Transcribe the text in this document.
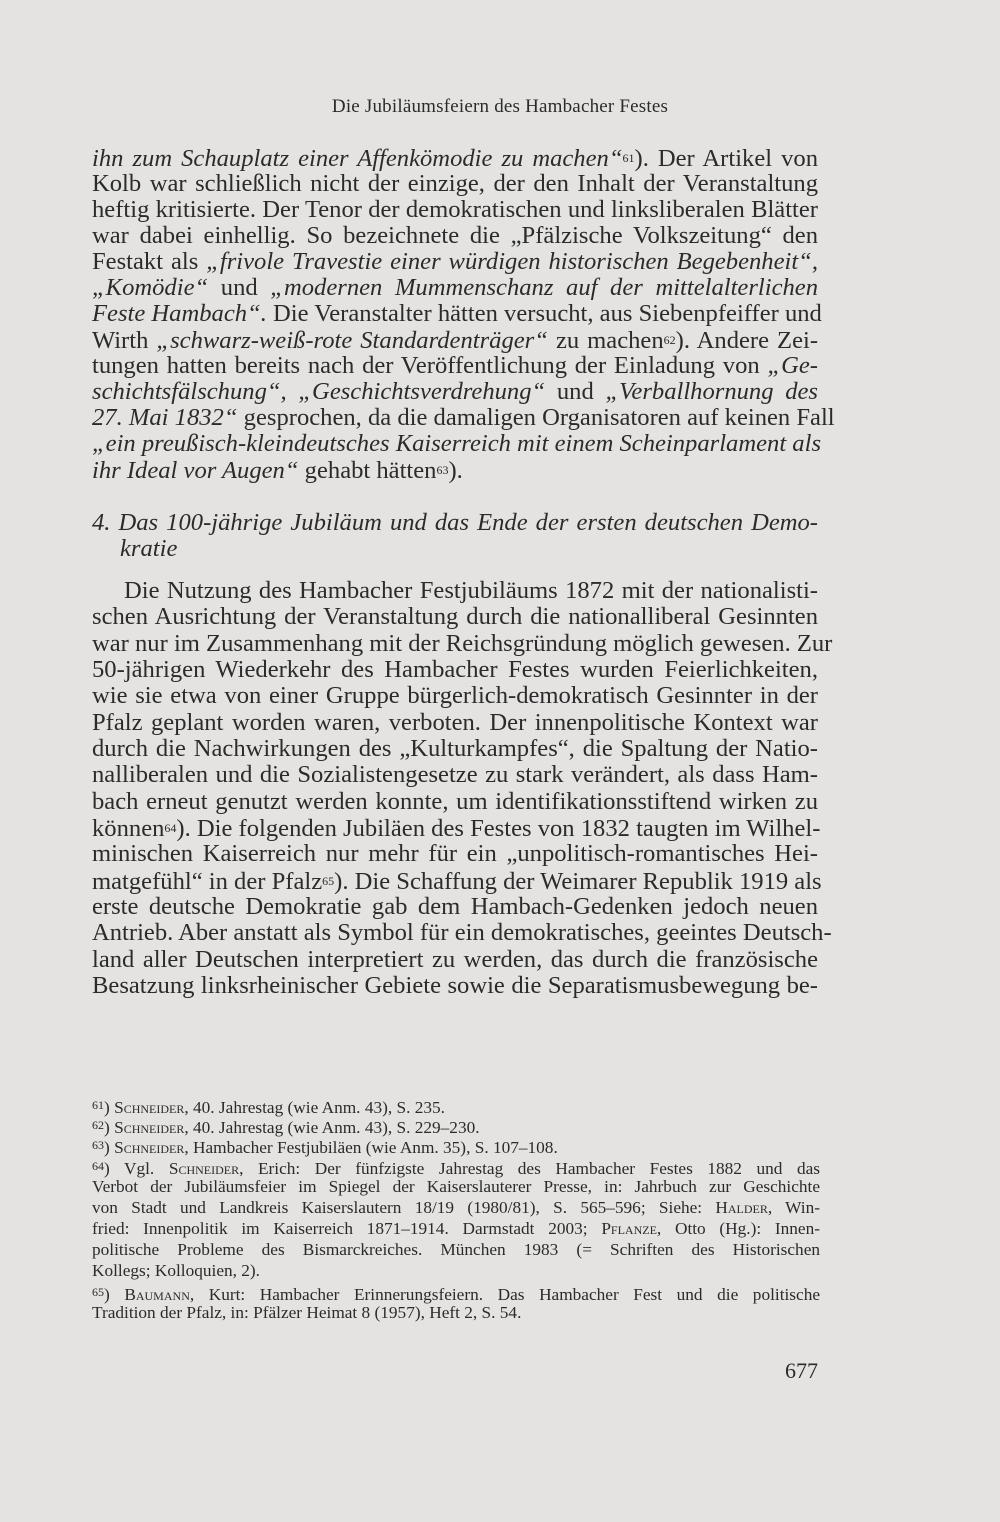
Die Jubiläumsfeiern des Hambacher Festes
ihn zum Schauplatz einer Affenkömodie zu machen“$^{61}$). Der Artikel von
Kolb war schließlich nicht der einzige, der den Inhalt der Veranstaltung
heftig kritisierte. Der Tenor der demokratischen und linksliberalen Blätter
war dabei einhellig. So bezeichnete die „Pfälzische Volkszeitung“ den
Festakt als „frivole Travestie einer würdigen historischen Begebenheit“,
„Komödie“ und „modernen Mummenschanz auf der mittelalterlichen
Feste Hambach“. Die Veranstalter hätten versucht, aus Siebenpfeiffer und
Wirth „schwarz-weiß-rote Standardenträger“ zu machen$^{62}$). Andere Zei-
tungen hatten bereits nach der Veröffentlichung der Einladung von „Ge-
schichtsfälschung“, „Geschichtsverdrehung“ und „Verballhornung des
27. Mai 1832“ gesprochen, da die damaligen Organisatoren auf keinen Fall
„ein preußisch-kleindeutsches Kaiserreich mit einem Scheinparlament als
ihr Ideal vor Augen“ gehabt hätten$^{63}$).
4. Das 100-jährige Jubiläum und das Ende der ersten deutschen Demo-
kratie
Die Nutzung des Hambacher Festjubiläums 1872 mit der nationalisti-
schen Ausrichtung der Veranstaltung durch die nationalliberal Gesinnten
war nur im Zusammenhang mit der Reichsgründung möglich gewesen. Zur
50-jährigen Wiederkehr des Hambacher Festes wurden Feierlichkeiten,
wie sie etwa von einer Gruppe bürgerlich-demokratisch Gesinnter in der
Pfalz geplant worden waren, verboten. Der innenpolitische Kontext war
durch die Nachwirkungen des „Kulturkampfes“, die Spaltung der Natio-
nalliberalen und die Sozialistengesetze zu stark verändert, als dass Ham-
bach erneut genutzt werden konnte, um identifikationsstiftend wirken zu
können$^{64}$). Die folgenden Jubiläen des Festes von 1832 taugten im Wilhel-
minischen Kaiserreich nur mehr für ein „unpolitisch-romantisches Hei-
matgefühl“ in der Pfalz$^{65}$). Die Schaffung der Weimarer Republik 1919 als
erste deutsche Demokratie gab dem Hambach-Gedenken jedoch neuen
Antrieb. Aber anstatt als Symbol für ein demokratisches, geeintes Deutsch-
land aller Deutschen interpretiert zu werden, das durch die französische
Besatzung linksrheinischer Gebiete sowie die Separatismusbewegung be-
$^{61}$) Schneider, 40. Jahrestag (wie Anm. 43), S. 235.
$^{62}$) Schneider, 40. Jahrestag (wie Anm. 43), S. 229–230.
$^{63}$) Schneider, Hambacher Festjubiläen (wie Anm. 35), S. 107–108.
$^{64}$) Vgl. Schneider, Erich: Der fünfzigste Jahrestag des Hambacher Festes 1882 und das
Verbot der Jubiläumsfeier im Spiegel der Kaiserslauterer Presse, in: Jahrbuch zur Geschichte
von Stadt und Landkreis Kaiserslautern 18/19 (1980/81), S. 565–596; Siehe: Halder, Win-
fried: Innenpolitik im Kaiserreich 1871–1914. Darmstadt 2003; Pflanze, Otto (Hg.): Innen-
politische Probleme des Bismarckreiches. München 1983 (= Schriften des Historischen
Kollegs; Kolloquien, 2).
$^{65}$) Baumann, Kurt: Hambacher Erinnerungsfeiern. Das Hambacher Fest und die politische
Tradition der Pfalz, in: Pfälzer Heimat 8 (1957), Heft 2, S. 54.
677
